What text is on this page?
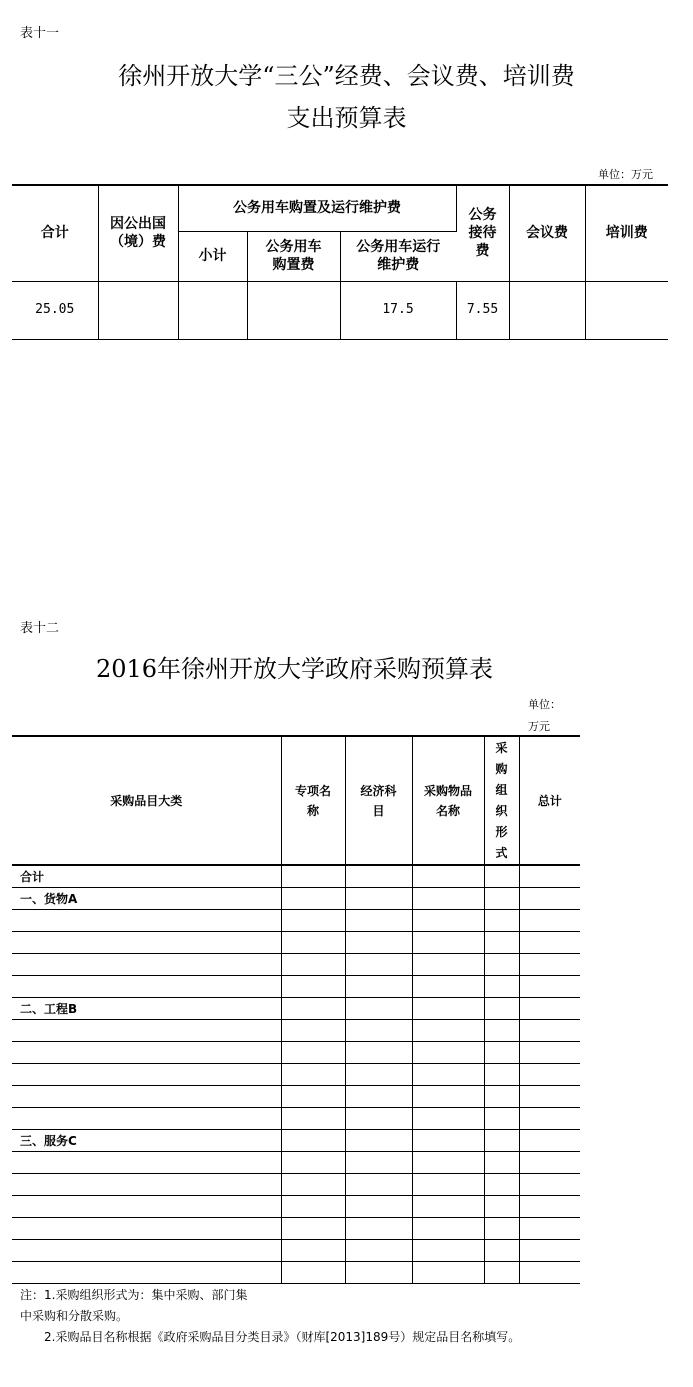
表十一
徐州开放大学“三公”经费、会议费、培训费
支出预算表
单位：万元
合计	因公出国（境）费	公务用车购置及运行维护费			公务接待费	会议费	培训费
		小计	公务用车购置费	公务用车运行维护费			
25.05				17.5	7.55		
表十二
2016年徐州开放大学政府采购预算表
单位：
万元
采购品目大类	专项名称	经济科目	采购物品名称	采购组织形式	总计
合计					
一、货物A					

二、工程B					

三、服务C					

注：1.采购组织形式为：集中采购、部门集
中采购和分散采购。
2.采购品目名称根据《政府采购品目分类目录》（财库[2013]189号）规定品目名称填写。
